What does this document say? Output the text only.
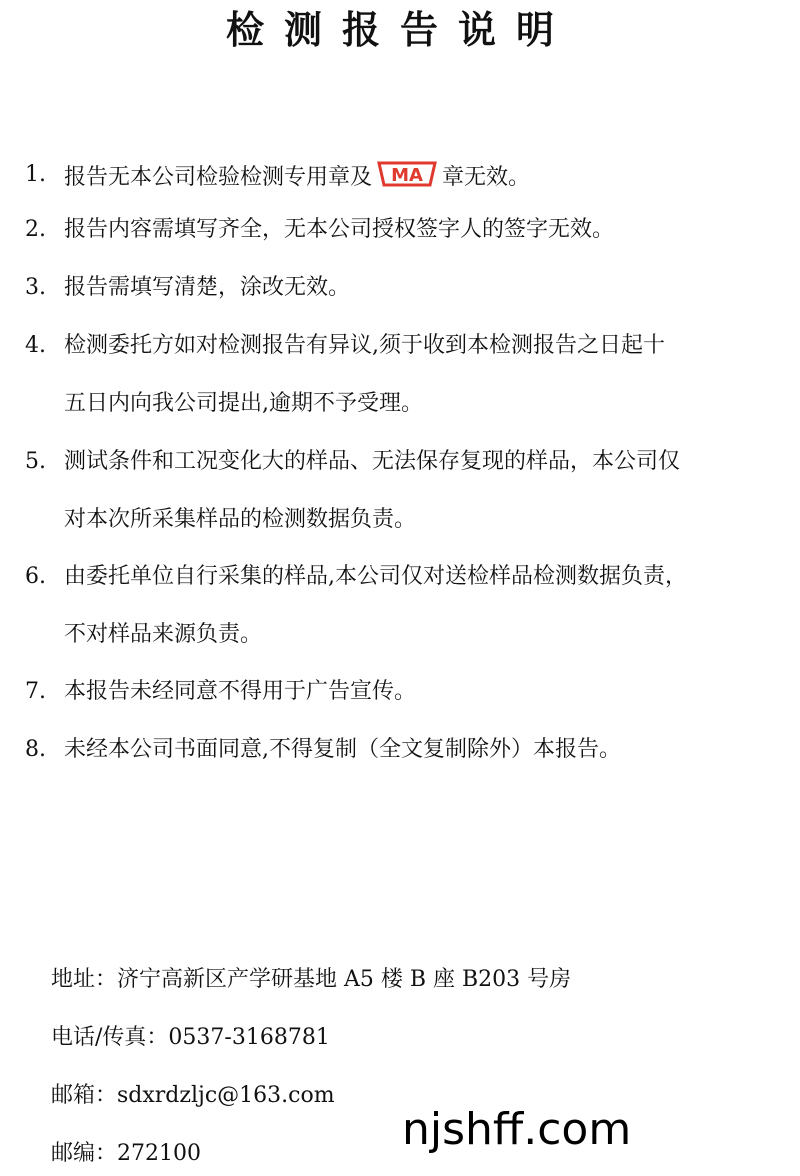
检测报告说明
1. 报告无本公司检验检测专用章及 MA 章无效。
2. 报告内容需填写齐全，无本公司授权签字人的签字无效。
3. 报告需填写清楚，涂改无效。
4. 检测委托方如对检测报告有异议,须于收到本检测报告之日起十
五日内向我公司提出,逾期不予受理。
5. 测试条件和工况变化大的样品、无法保存复现的样品，本公司仅
对本次所采集样品的检测数据负责。
6. 由委托单位自行采集的样品,本公司仅对送检样品检测数据负责，
不对样品来源负责。
7. 本报告未经同意不得用于广告宣传。
8. 未经本公司书面同意,不得复制（全文复制除外）本报告。
地址：济宁高新区产学研基地 A5 楼 B 座 B203 号房
电话/传真：0537-3168781
邮箱：sdxrdzljc@163.com
邮编：272100	njshff.com
